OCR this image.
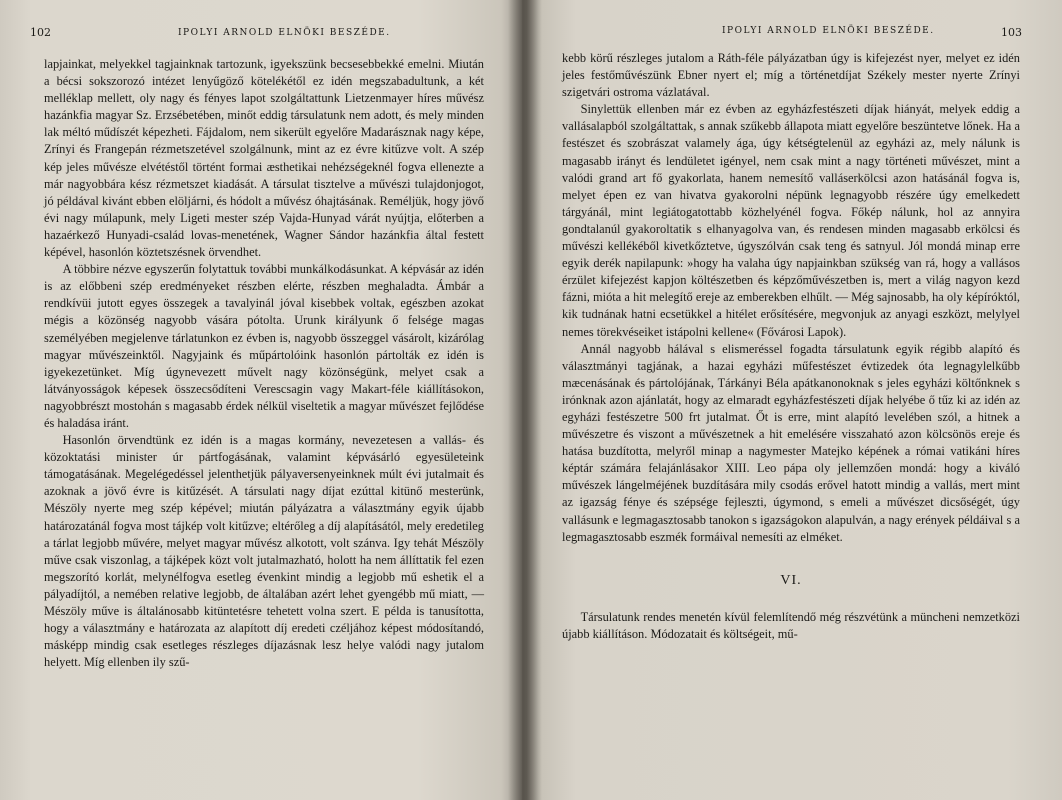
102	IPOLYI ARNOLD ELNÖKI BESZÉDE.

lapjainkat, melyekkel tagjainknak tartozunk, igyekszünk becsesebbekké emelni. Miután a bécsi sokszorozó intézet lenyűgöző kötelékétől ez idén megszabadultunk, a két melléklap mellett, oly nagy és fényes lapot szolgáltattunk Lietzenmayer híres művész hazánkfia magyar Sz. Erzsébetében, minőt eddig társulatunk nem adott, és mely minden lak méltó műdíszét képezheti. Fájdalom, nem sikerült egyelőre Madarásznak nagy képe, Zrínyi és Frangepán rézmetszetével szolgálnunk, mint az ez évre kitűzve volt. A szép kép jeles művésze elvétéstől történt formai æsthetikai nehézségeknél fogva ellenezte a már nagyobbára kész rézmetszet kiadását. A társulat tisztelve a művészi tulajdonjogot, jó példával kivánt ebben elöljárni, és hódolt a művész óhajtásának. Reméljük, hogy jövő évi nagy múlapunk, mely Ligeti mester szép Vajda-Hunyad várát nyújtja, előterben a hazaérkező Hunyadi-család lovas-menetének, Wagner Sándor hazánkfia által festett képével, hasonlón köztetszésnek örvendhet.

A többire nézve egyszerűn folytattuk további munkálkodásunkat. A képvásár az idén is az előbbeni szép eredményeket részben elérte, részben meghaladta. Ámbár a rendkívüi jutott egyes összegek a tavalyinál jóval kisebbek voltak, egészben azokat mégis a közönség nagyobb vására pótolta. Urunk királyunk ő felsége magas személyében megjelenve tárlatunkon ez évben is, nagyobb összeggel vásárolt, kizárólag magyar művészeinktől. Nagyjaink és műpártolóink hasonlón pártolták ez idén is igyekezetünket. Míg úgynevezett művelt nagy közönségünk, melyet csak a látványosságok képesek összecsődíteni Verescsagin vagy Makart-féle kiállításokon, nagyobbrészt mostohán s magasabb érdek nélkül viseltetik a magyar művészet fejlődése és haladása iránt.

Hasonlón örvendtünk ez idén is a magas kormány, nevezetesen a vallás- és közoktatási minister úr pártfogásának, valamint képvásárló egyesületeink támogatásának. Megelégedéssel jelenthetjük pályaversenyeinknek múlt évi jutalmait és azoknak a jövő évre is kitűzését. A társulati nagy díjat ezúttal kitünő mesterünk, Mészöly nyerte meg szép képével; miután pályázatra a választmány egyik újabb határozatánál fogva most tájkép volt kitűzve; eltérőleg a díj alapításától, mely eredetileg a tárlat legjobb művére, melyet magyar művész alkotott, volt szánva. Igy tehát Mészöly műve csak viszonlag, a tájképek közt volt jutalmazható, holott ha nem állíttatik fel ezen megszorító korlát, melynélfogva esetleg évenkint mindig a legjobb mű eshetik el a pályadíjtól, a nemében relative legjobb, de általában azért lehet gyengébb mű miatt, — Mészöly műve is általánosabb kitüntetésre tehetett volna szert. E példa is tanusította, hogy a választmány e határozata az alapított díj eredeti czéljához képest módosítandó, másképp mindig csak esetleges részleges díjazásnak lesz helye valódi nagy jutalom helyett. Míg ellenben ily szű-

IPOLYI ARNOLD ELNÖKI BESZÉDE.	103

kebb körű részleges jutalom a Ráth-féle pályázatban úgy is kifejezést nyer, melyet ez idén jeles festőművészünk Ebner nyert el; míg a történetdíjat Székely mester nyerte Zrínyi szigetvári ostroma vázlatával.

Sinylettük ellenben már ez évben az egyházfestészeti díjak hiányát, melyek eddig a vallásalapból szolgáltattak, s annak szűkebb állapota miatt egyelőre beszüntetve lőnek. Ha a festészet és szobrászat valamely ága, úgy kétségtelenül az egyházi az, mely nálunk is magasabb irányt és lendületet igényel, nem csak mint a nagy történeti művészet, mint a valódi grand art fő gyakorlata, hanem nemesítő valláserkölcsi azon hatásánál fogva is, melyet épen ez van hivatva gyakorolni népünk legnagyobb részére úgy emelkedett tárgyánál, mint legiátogatottabb közhelyénél fogva. Főkép nálunk, hol az annyira gondtalanúl gyakoroltatik s elhanyagolva van, és rendesen minden magasabb erkölcsi és művészi kellékéből kivetkőztetve, úgyszólván csak teng és satnyul. Jól mondá minap erre egyik derék napilapunk: »hogy ha valaha úgy napjainkban szükség van rá, hogy a vallásos érzület kifejezést kapjon költészetben és képzőművészetben is, mert a világ nagyon kezd fázni, mióta a hit melegítő ereje az emberekben elhűlt. — Még sajnosabb, ha oly képíróktól, kik tudnának hatni ecsetükkel a hitélet erősítésére, megvonjuk az anyagi eszközt, melylyel nemes törekvéseiket istápolni kellene« (Fővárosi Lapok).

Annál nagyobb hálával s elismeréssel fogadta társulatunk egyik régibb alapító és választmányi tagjának, a hazai egyházi műfestészet évtizedek óta legnagylelkűbb mæcenásának és pártolójának, Tárkányi Béla apátkanonoknak s jeles egyházi költőnknek s irónknak azon ajánlatát, hogy az elmaradt egyházfestészeti díjak helyébe ő tűz ki az idén az egyházi festészetre 500 frt jutalmat. Őt is erre, mint alapító levelében szól, a hitnek a művészetre és viszont a művészetnek a hit emelésére visszaható azon kölcsönös ereje és hatása buzdította, melyről minap a nagymester Matejko képének a római vatikáni híres képtár számára felajánlásakor XIII. Leo pápa oly jellemzően mondá: hogy a kiváló művészek lángelméjének buzdítására mily csodás erővel hatott mindig a vallás, mert mint az igazság fénye és szépsége fejleszti, úgymond, s emeli a művészet dicsőségét, úgy vallásunk e legmagasztosabb tanokon s igazságokon alapulván, a nagy erények példáival s a legmagasztosabb eszmék formáival nemesíti az elméket.

VI.

Társulatunk rendes menetén kívül felemlítendő még részvétünk a müncheni nemzetközi újabb kiállításon. Módozatait és költségeit, mű-
